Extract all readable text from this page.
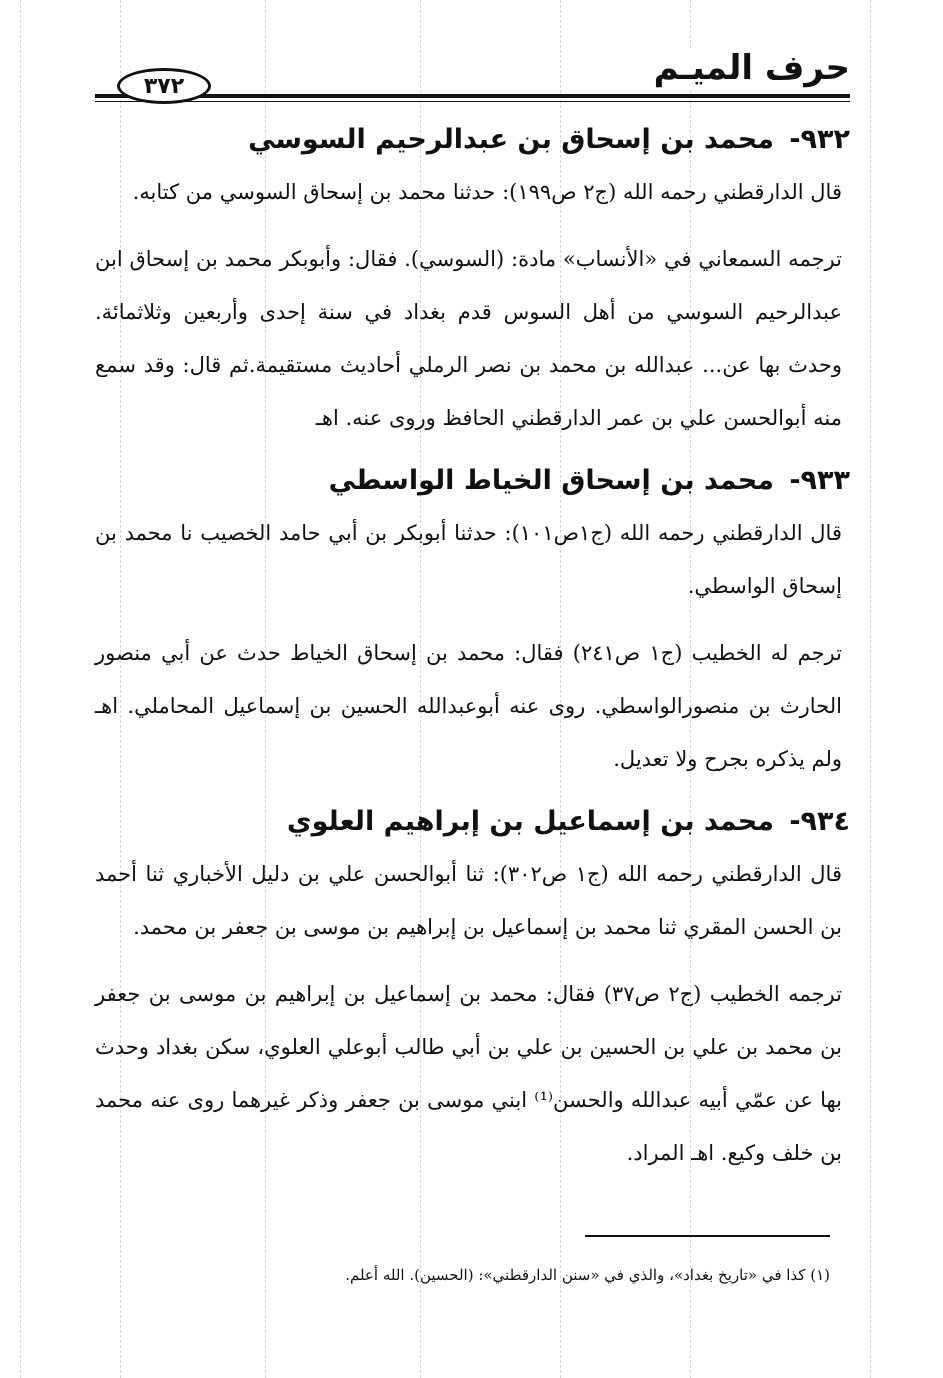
حرف الميـم
٣٧٢
٩٣٢- محمد بن إسحاق بن عبدالرحيم السوسي

قال الدارقطني رحمه الله (ج٢ ص١٩٩): حدثنا محمد بن إسحاق السوسي من كتابه.

ترجمه السمعاني في «الأنساب» مادة: (السوسي). فقال: وأبوبكر محمد بن إسحاق ابن عبدالرحيم السوسي من أهل السوس قدم بغداد في سنة إحدى وأربعين وثلاثمائة. وحدث بها عن... عبدالله بن محمد بن نصر الرملي أحاديث مستقيمة.ثم قال: وقد سمع منه أبوالحسن علي بن عمر الدارقطني الحافظ وروى عنه. اهـ

٩٣٣- محمد بن إسحاق الخياط الواسطي

قال الدارقطني رحمه الله (ج١ص١٠١): حدثنا أبوبكر بن أبي حامد الخصيب نا محمد بن إسحاق الواسطي.

ترجم له الخطيب (ج١ ص٢٤١) فقال: محمد بن إسحاق الخياط حدث عن أبي منصور الحارث بن منصورالواسطي. روى عنه أبوعبدالله الحسين بن إسماعيل المحاملي. اهـ ولم يذكره بجرح ولا تعديل.

٩٣٤- محمد بن إسماعيل بن إبراهيم العلوي

قال الدارقطني رحمه الله (ج١ ص٣٠٢): ثنا أبوالحسن علي بن دليل الأخباري ثنا أحمد بن الحسن المقري ثنا محمد بن إسماعيل بن إبراهيم بن موسى بن جعفر بن محمد.

ترجمه الخطيب (ج٢ ص٣٧) فقال: محمد بن إسماعيل بن إبراهيم بن موسى بن جعفر بن محمد بن علي بن الحسين بن علي بن أبي طالب أبوعلي العلوي، سكن بغداد وحدث بها عن عمّي أبيه عبدالله والحسن⁽¹⁾ ابني موسى بن جعفر وذكر غيرهما روى عنه محمد بن خلف وكيع. اهـ المراد.

(١) كذا في «تاريخ بغداد»، والذي في «سنن الدارقطني»: (الحسين). الله أعلم.
